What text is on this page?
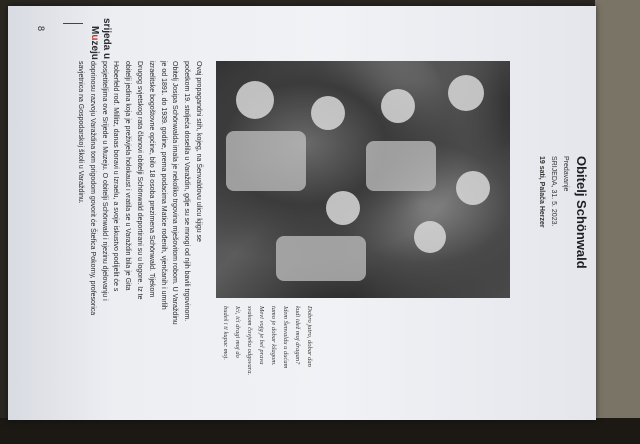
8	srijeda u
Muzeju
Obitelj Schönwald
Predavanje
SRIJEDA, 31. 5. 2023.
19 sati, Palača Herzer
Dobro jutro, dobar dan
kudi idež moj dragan?
Idem Šenvaldu u dućam
tamo je dobar kšagom.
Mevi vojg je bel prava
svakom čovjeku odgovara.
Ići, ići dragi moj do
budeš i ti kupac moj.
Ovaj propagandni stih, kojeg, na Šenvaldovu ulicu kjigu se
početkom 19. stoljeća doselila u Varaždin, gdje su se mnogi od njih bavili trgovinom.
Obitelj Josipa Schönwalda imala je nekoliko trgovina mješovitom robom. U Varaždinu
je od 1891. do 1939. godine, prema podacima Matice rođenih, vjenčanih i umrlih
izraelitske bogoštovne općine, bilo 18 osoba prezimena Schönwald. Tijekom
Drugog svjetskog rata članovi obitelji Schönwald deportirani su u logore. Iz te
obitelji jedina koja je preživjela holokaust i vratila se u Varaždin bila je Gita
Hoberfeld rođ. Millitz, danas boravi u Izraelu, a svoje iskustvo podijelit će s
posjetiteljima ove Srijede u Muzeju. O obitelji Schönwald i njezinu djelovanju i
doprinosu razvoju Varaždina tom prigodom govorit će Štefica Pokorny, profesorica
savjetnica na Gospodarskoj školi u Varaždinu.
